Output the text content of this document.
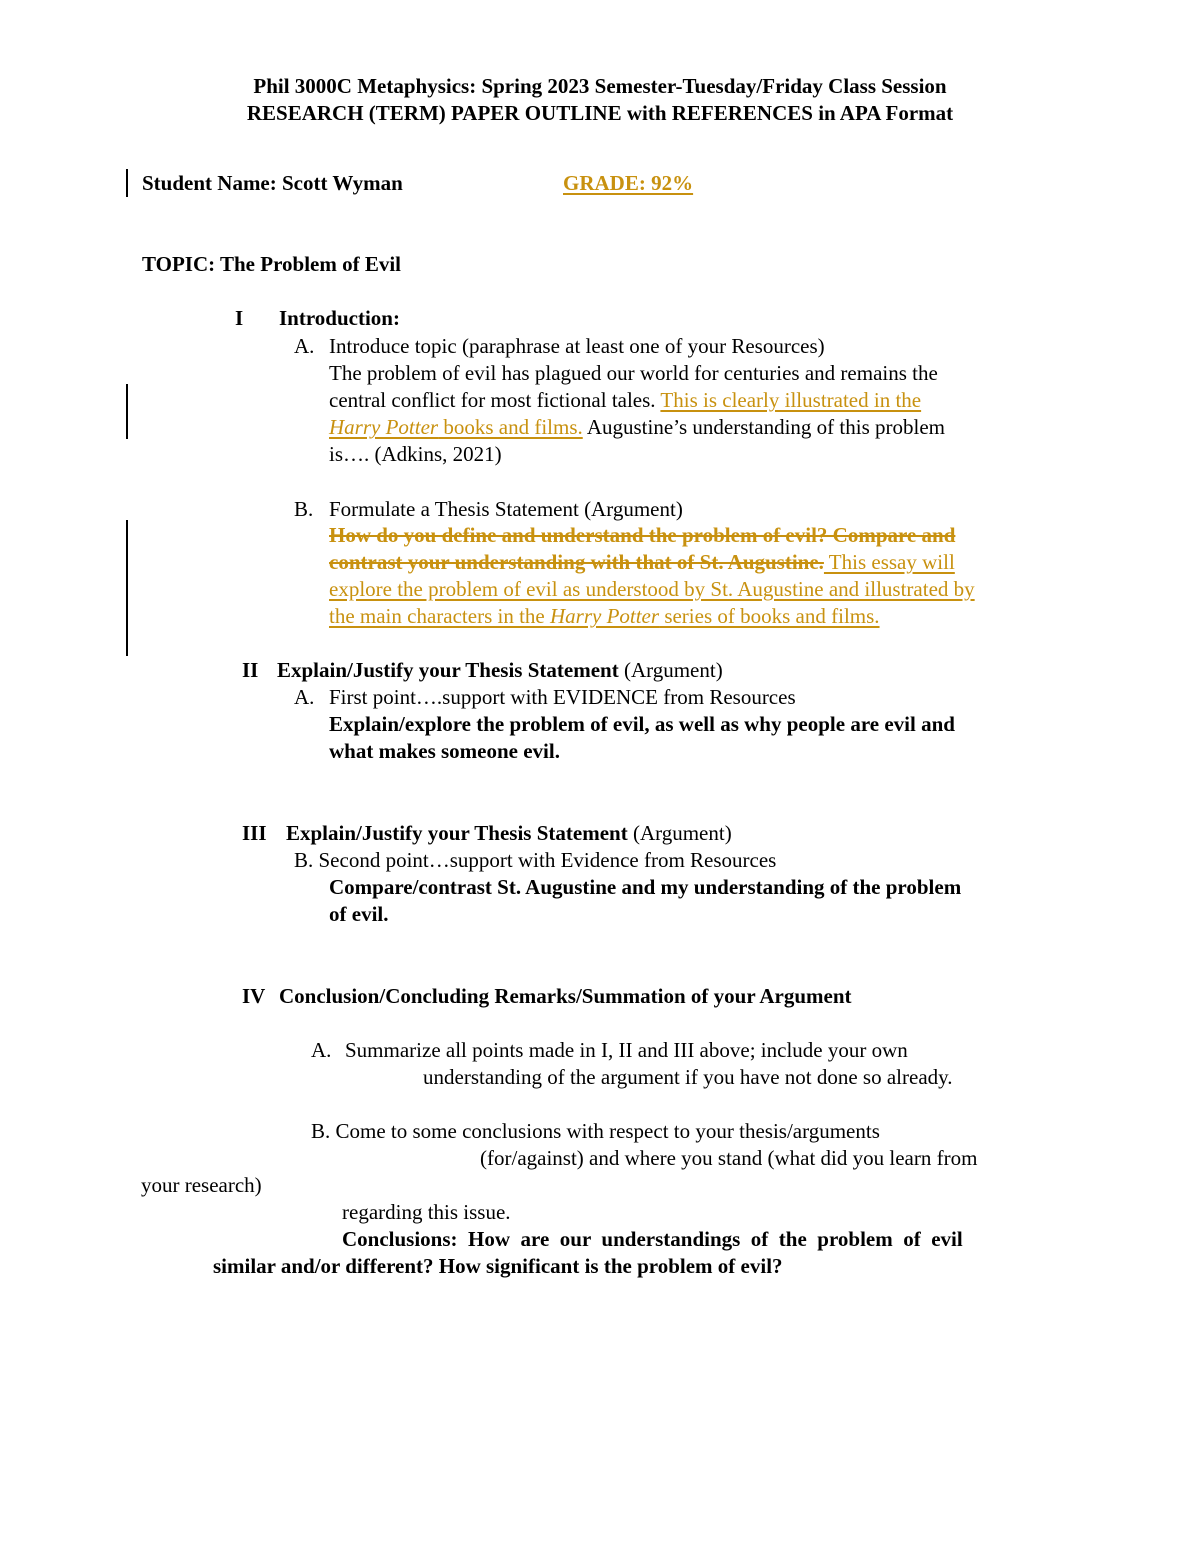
Phil 3000C Metaphysics: Spring 2023 Semester-Tuesday/Friday Class Session
RESEARCH (TERM) PAPER OUTLINE with REFERENCES in APA Format
Student Name: Scott Wyman	GRADE: 92%
TOPIC: The Problem of Evil
I Introduction:
A. Introduce topic (paraphrase at least one of your Resources)
The problem of evil has plagued our world for centuries and remains the
central conflict for most fictional tales. This is clearly illustrated in the
Harry Potter books and films. Augustine’s understanding of this problem
is…. (Adkins, 2021)
B. Formulate a Thesis Statement (Argument)
How do you define and understand the problem of evil? Compare and
contrast your understanding with that of St. Augustine. This essay will
explore the problem of evil as understood by St. Augustine and illustrated by
the main characters in the Harry Potter series of books and films.
II Explain/Justify your Thesis Statement (Argument)
A. First point….support with EVIDENCE from Resources
Explain/explore the problem of evil, as well as why people are evil and
what makes someone evil.
III Explain/Justify your Thesis Statement (Argument)
B. Second point…support with Evidence from Resources
Compare/contrast St. Augustine and my understanding of the problem
of evil.
IV Conclusion/Concluding Remarks/Summation of your Argument
A. Summarize all points made in I, II and III above; include your own
understanding of the argument if you have not done so already.
B. Come to some conclusions with respect to your thesis/arguments
(for/against) and where you stand (what did you learn from
your research)
regarding this issue.
Conclusions:  How  are  our  understandings  of  the  problem  of  evil
similar and/or different? How significant is the problem of evil?
